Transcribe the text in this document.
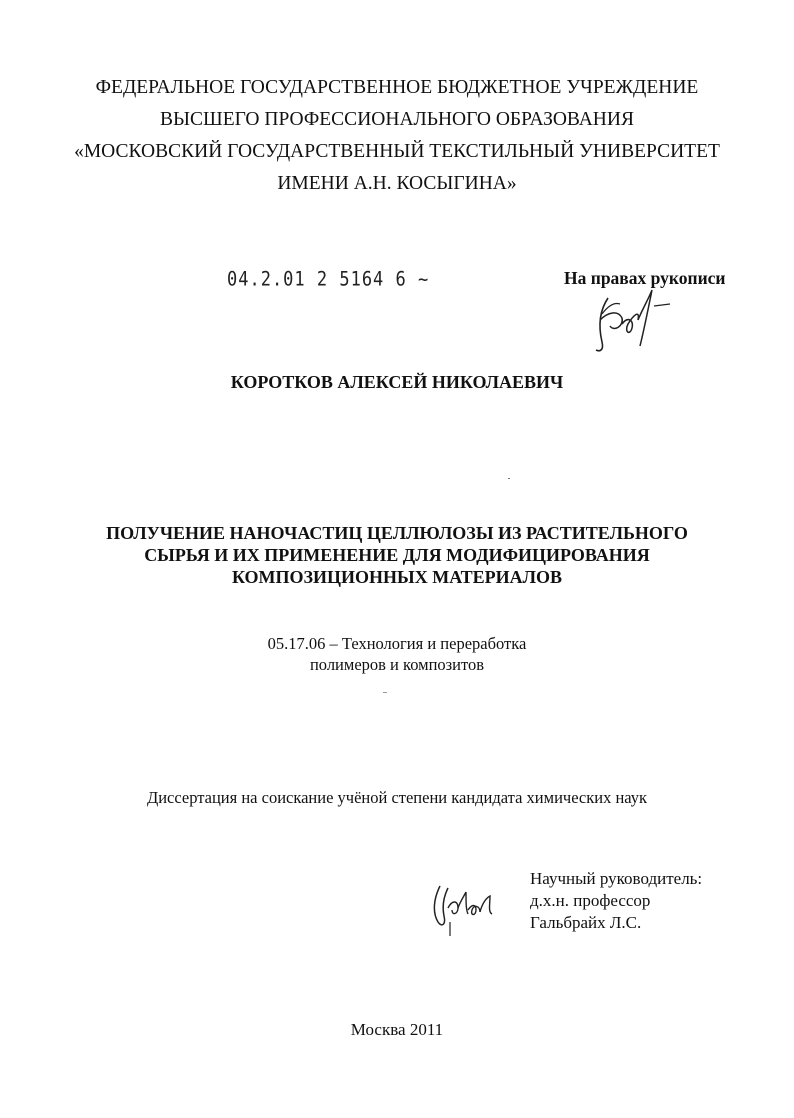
ФЕДЕРАЛЬНОЕ ГОСУДАРСТВЕННОЕ БЮДЖЕТНОЕ УЧРЕЖДЕНИЕ
ВЫСШЕГО ПРОФЕССИОНАЛЬНОГО ОБРАЗОВАНИЯ
«МОСКОВСКИЙ ГОСУДАРСТВЕННЫЙ ТЕКСТИЛЬНЫЙ УНИВЕРСИТЕТ
ИМЕНИ А.Н. КОСЫГИНА»
04.2.01 2 5164 6 ~	На правах рукописи
КОРОТКОВ АЛЕКСЕЙ НИКОЛАЕВИЧ
ПОЛУЧЕНИЕ НАНОЧАСТИЦ ЦЕЛЛЮЛОЗЫ ИЗ РАСТИТЕЛЬНОГО
СЫРЬЯ И ИХ ПРИМЕНЕНИЕ ДЛЯ МОДИФИЦИРОВАНИЯ
КОМПОЗИЦИОННЫХ МАТЕРИАЛОВ
05.17.06 – Технология и переработка
полимеров и композитов
Диссертация на соискание учёной степени кандидата химических наук
Научный руководитель:
д.х.н. профессор
Гальбрайх Л.С.
Москва 2011
